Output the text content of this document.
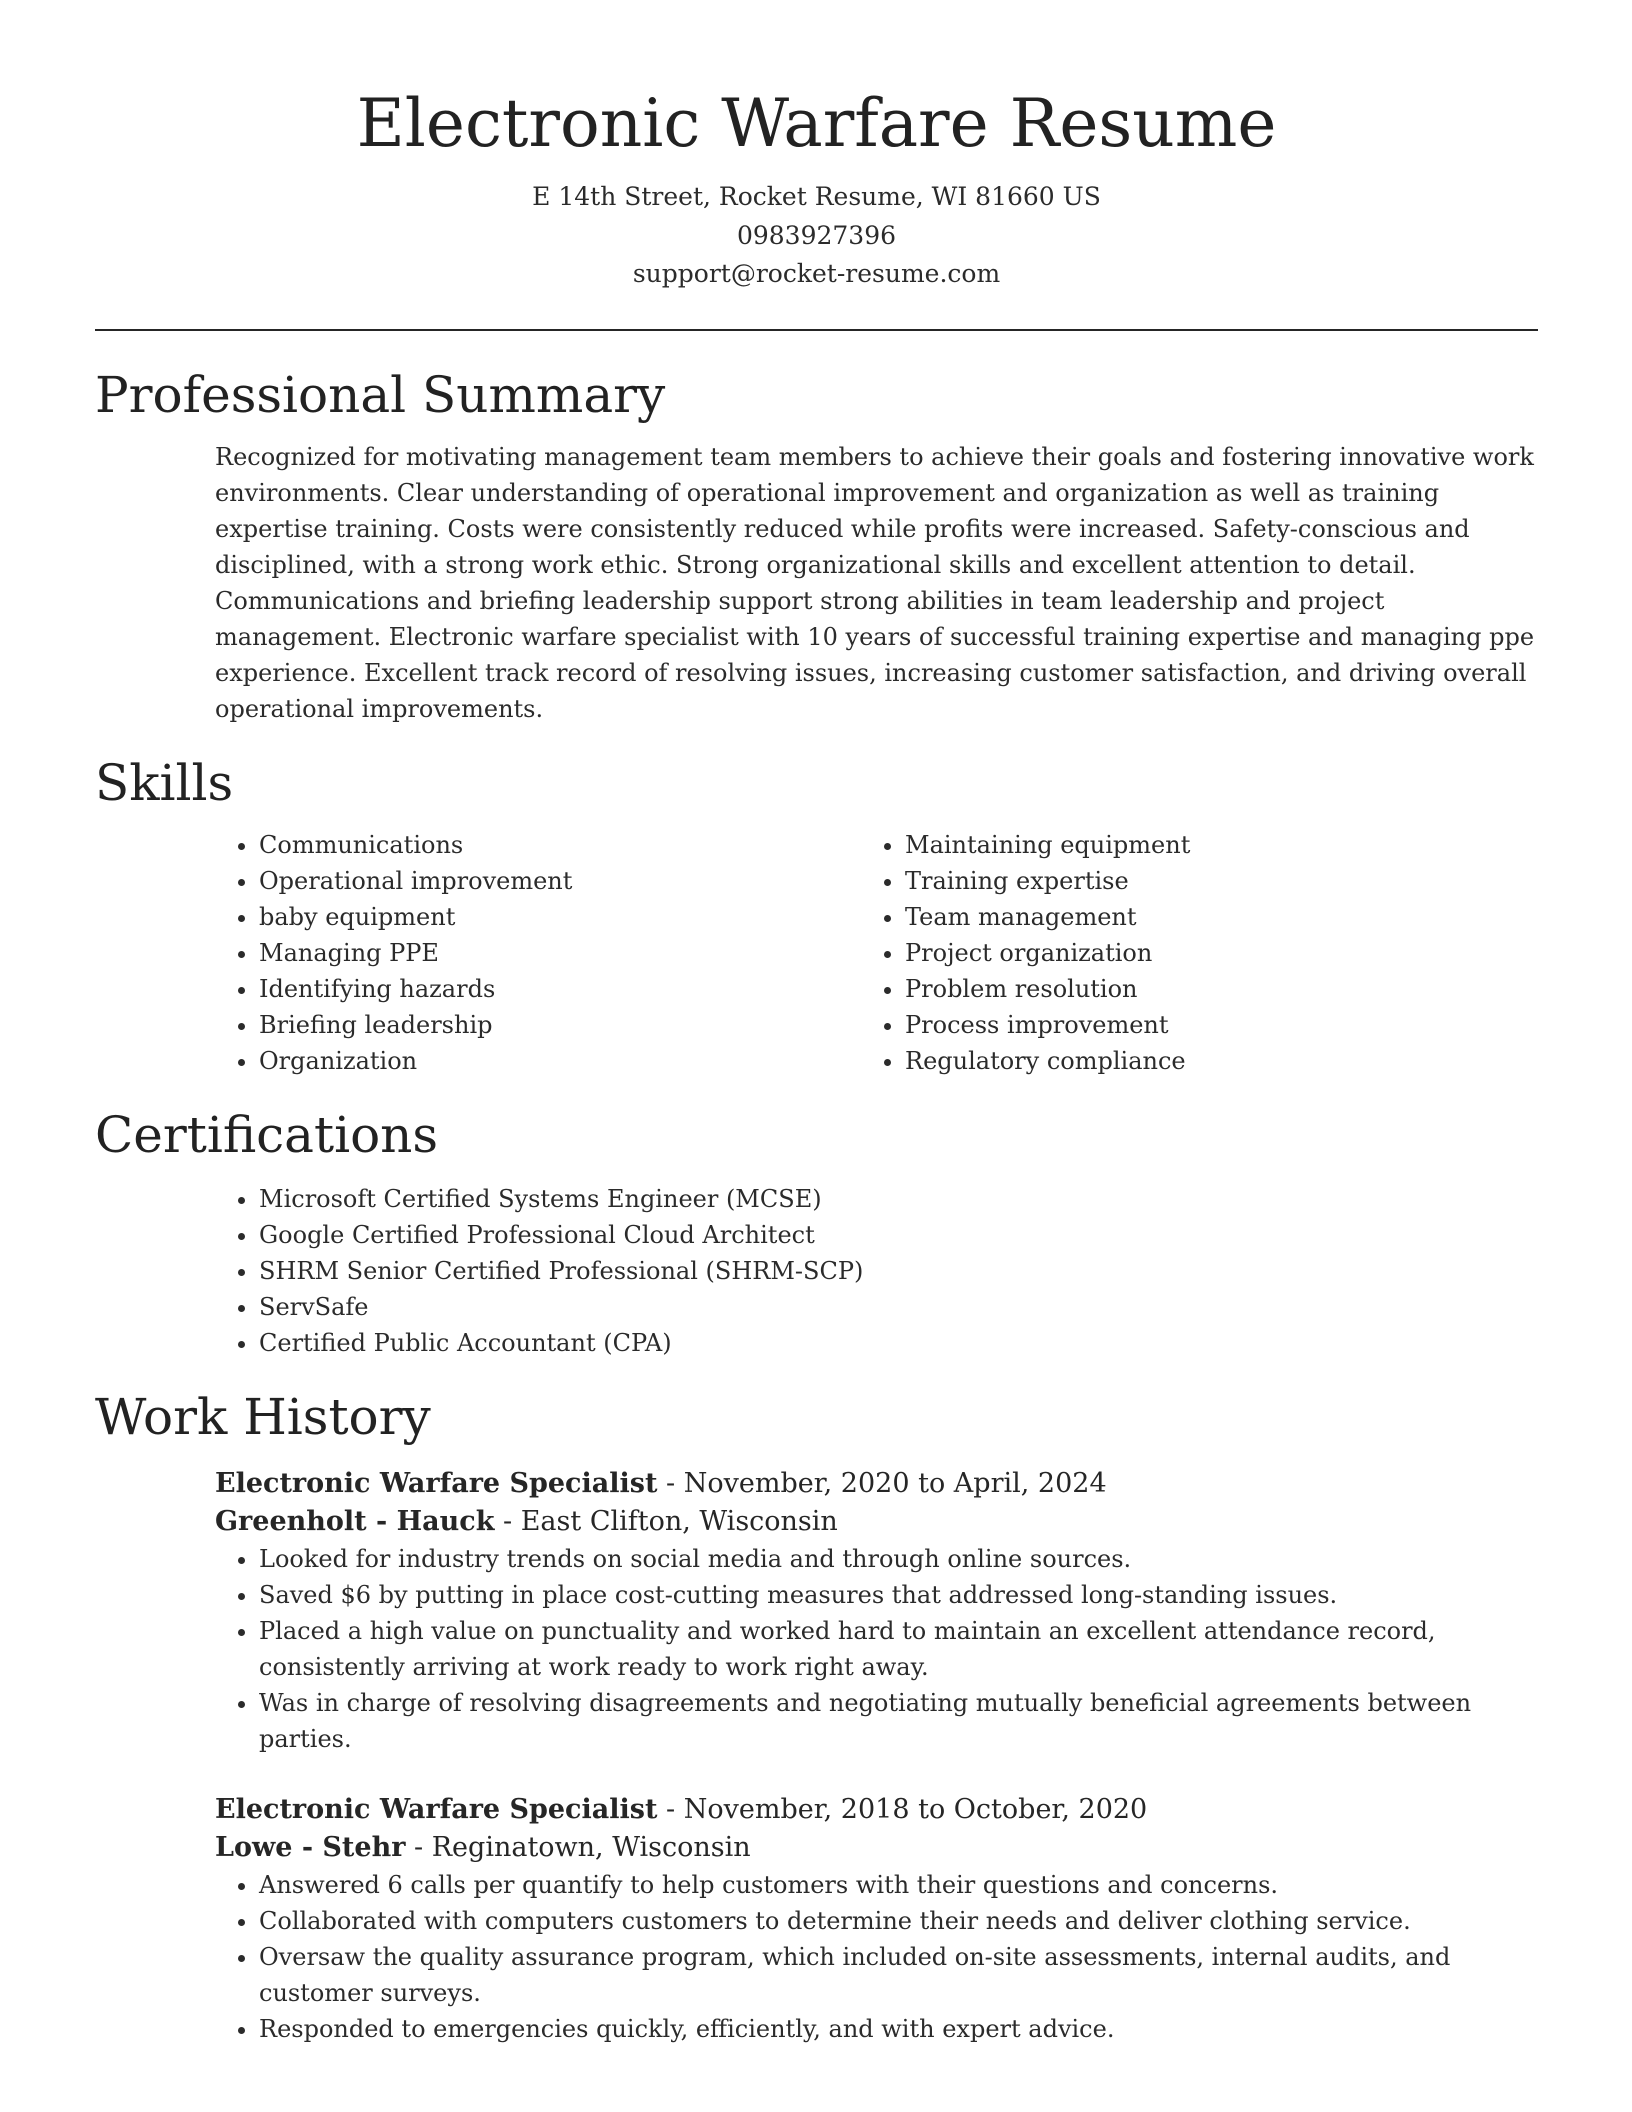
Electronic Warfare Resume
E 14th Street, Rocket Resume, WI 81660 US
0983927396
support@rocket-resume.com
Professional Summary

Recognized for motivating management team members to achieve their goals and fostering innovative work environments. Clear understanding of operational improvement and organization as well as training expertise training. Costs were consistently reduced while profits were increased. Safety-conscious and disciplined, with a strong work ethic. Strong organizational skills and excellent attention to detail. Communications and briefing leadership support strong abilities in team leadership and project management. Electronic warfare specialist with 10 years of successful training expertise and managing ppe experience. Excellent track record of resolving issues, increasing customer satisfaction, and driving overall operational improvements.

Skills
• Communications
• Operational improvement
• baby equipment
• Managing PPE
• Identifying hazards
• Briefing leadership
• Organization
• Maintaining equipment
• Training expertise
• Team management
• Project organization
• Problem resolution
• Process improvement
• Regulatory compliance
Certifications
• Microsoft Certified Systems Engineer (MCSE)
• Google Certified Professional Cloud Architect
• SHRM Senior Certified Professional (SHRM-SCP)
• ServSafe
• Certified Public Accountant (CPA)
Work History
Electronic Warfare Specialist - November, 2020 to April, 2024
Greenholt - Hauck - East Clifton, Wisconsin
• Looked for industry trends on social media and through online sources.
• Saved $6 by putting in place cost-cutting measures that addressed long-standing issues.
• Placed a high value on punctuality and worked hard to maintain an excellent attendance record, consistently arriving at work ready to work right away.
• Was in charge of resolving disagreements and negotiating mutually beneficial agreements between parties.
Electronic Warfare Specialist - November, 2018 to October, 2020
Lowe - Stehr - Reginatown, Wisconsin
• Answered 6 calls per quantify to help customers with their questions and concerns.
• Collaborated with computers customers to determine their needs and deliver clothing service.
• Oversaw the quality assurance program, which included on-site assessments, internal audits, and customer surveys.
• Responded to emergencies quickly, efficiently, and with expert advice.
